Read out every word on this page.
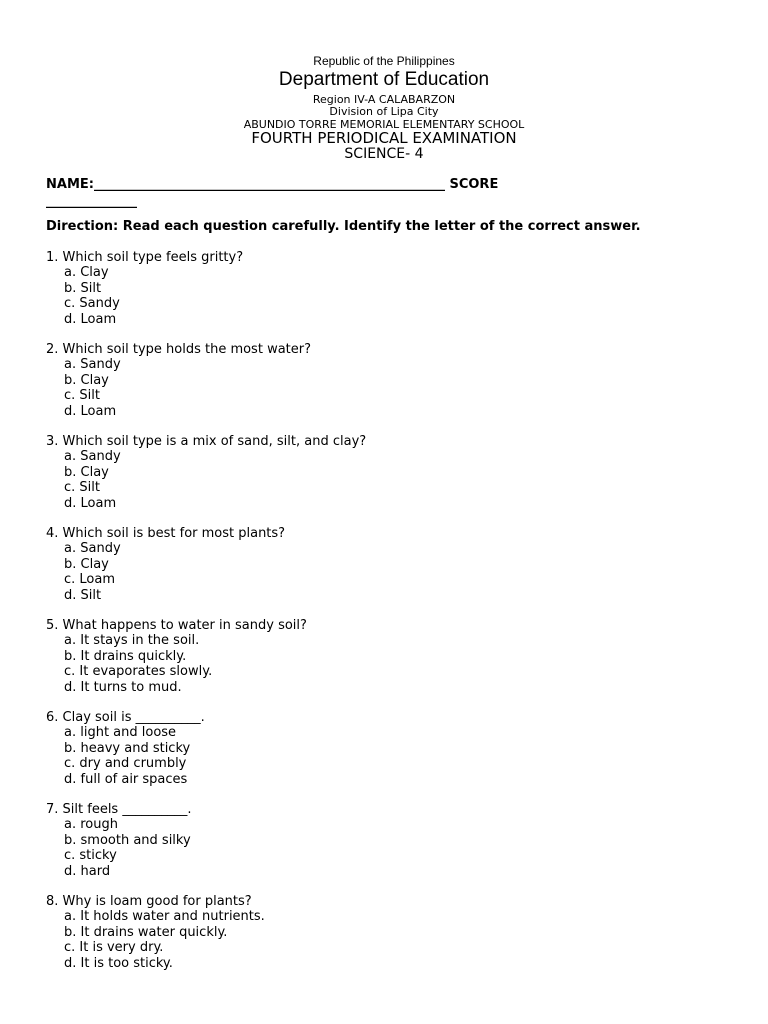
Republic of the Philippines
Department of Education
Region IV-A CALABARZON
Division of Lipa City
ABUNDIO TORRE MEMORIAL ELEMENTARY SCHOOL
FOURTH PERIODICAL EXAMINATION
SCIENCE- 4
NAME:______________________________________________________ SCORE
______________
Direction: Read each question carefully. Identify the letter of the correct answer.
1. Which soil type feels gritty?
a. Clay
b. Silt
c. Sandy
d. Loam
2. Which soil type holds the most water?
a. Sandy
b. Clay
c. Silt
d. Loam
3. Which soil type is a mix of sand, silt, and clay?
a. Sandy
b. Clay
c. Silt
d. Loam
4. Which soil is best for most plants?
a. Sandy
b. Clay
c. Loam
d. Silt
5. What happens to water in sandy soil?
a. It stays in the soil.
b. It drains quickly.
c. It evaporates slowly.
d. It turns to mud.
6. Clay soil is __________.
a. light and loose
b. heavy and sticky
c. dry and crumbly
d. full of air spaces
7. Silt feels __________.
a. rough
b. smooth and silky
c. sticky
d. hard
8. Why is loam good for plants?
a. It holds water and nutrients.
b. It drains water quickly.
c. It is very dry.
d. It is too sticky.
